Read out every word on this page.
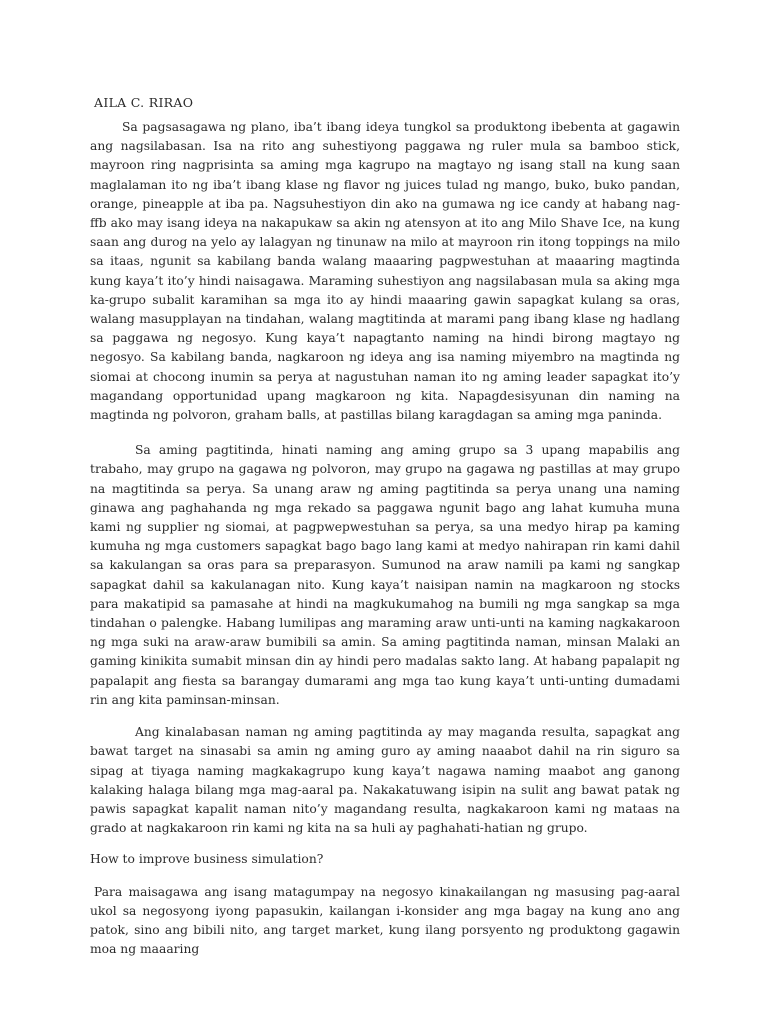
AILA C. RIRAO

Sa pagsasagawa ng plano, iba’t ibang ideya tungkol sa produktong ibebenta at gagawin ang nagsilabasan. Isa na rito ang suhestiyong paggawa ng ruler mula sa bamboo stick, mayroon ring nagprisinta sa aming mga kagrupo na magtayo ng isang stall na kung saan maglalaman ito ng iba’t ibang klase ng flavor ng juices tulad ng mango, buko, buko pandan, orange, pineapple at iba pa. Nagsuhestiyon din ako na gumawa ng ice candy at habang nag-ffb ako may isang ideya na nakapukaw sa akin ng atensyon at ito ang Milo Shave Ice, na kung saan ang durog na yelo ay lalagyan ng tinunaw na milo at mayroon rin itong toppings na milo sa itaas, ngunit sa kabilang banda walang maaaring pagpwestuhan at maaaring magtinda kung kaya’t ito’y hindi naisagawa. Maraming suhestiyon ang nagsilabasan mula sa aking mga ka-grupo subalit karamihan sa mga ito ay hindi maaaring gawin sapagkat kulang sa oras, walang masupplayan na tindahan, walang magtitinda at marami pang ibang klase ng hadlang sa paggawa ng negosyo. Kung kaya’t napagtanto naming na hindi birong magtayo ng negosyo. Sa kabilang banda, nagkaroon ng ideya ang isa naming miyembro na magtinda ng siomai at chocong inumin sa perya at nagustuhan naman ito ng aming leader sapagkat ito’y magandang opportunidad upang magkaroon ng kita. Napagdesisyunan din naming na magtinda ng polvoron, graham balls, at pastillas bilang karagdagan sa aming mga paninda.

Sa aming pagtitinda, hinati naming ang aming grupo sa 3 upang mapabilis ang trabaho, may grupo na gagawa ng polvoron, may grupo na gagawa ng pastillas at may grupo na magtitinda sa perya. Sa unang araw ng aming pagtitinda sa perya unang una naming ginawa ang paghahanda ng mga rekado sa paggawa ngunit bago ang lahat kumuha muna kami ng supplier ng siomai, at pagpwepwestuhan sa perya, sa una medyo hirap pa kaming kumuha ng mga customers sapagkat bago bago lang kami at medyo nahirapan rin kami dahil sa kakulangan sa oras para sa preparasyon. Sumunod na araw namili pa kami ng sangkap sapagkat dahil sa kakulanagan nito. Kung kaya’t naisipan namin na magkaroon ng stocks para makatipid sa pamasahe at hindi na magkukumahog na bumili ng mga sangkap sa mga tindahan o palengke. Habang lumilipas ang maraming araw unti-unti na kaming nagkakaroon ng mga suki na araw-araw bumibili sa amin. Sa aming pagtitinda naman, minsan Malaki an gaming kinikita sumabit minsan din ay hindi pero madalas sakto lang. At habang papalapit ng papalapit ang fiesta sa barangay dumarami ang mga tao kung kaya’t unti-unting dumadami rin ang kita paminsan-minsan.

Ang kinalabasan naman ng aming pagtitinda ay may maganda resulta, sapagkat ang bawat target na sinasabi sa amin ng aming guro ay aming naaabot dahil na rin siguro sa sipag at tiyaga naming magkakagrupo kung kaya’t nagawa naming maabot ang ganong kalaking halaga bilang mga mag-aaral pa. Nakakatuwang isipin na sulit ang bawat patak ng pawis sapagkat kapalit naman nito’y magandang resulta, nagkakaroon kami ng mataas na grado at nagkakaroon rin kami ng kita na sa huli ay paghahati-hatian ng grupo.

How to improve business simulation?

Para maisagawa ang isang matagumpay na negosyo kinakailangan ng masusing pag-aaral ukol sa negosyong iyong papasukin, kailangan i-konsider ang mga bagay na kung ano ang patok, sino ang bibili nito, ang target market, kung ilang porsyento ng produktong gagawin moa ng maaaring
